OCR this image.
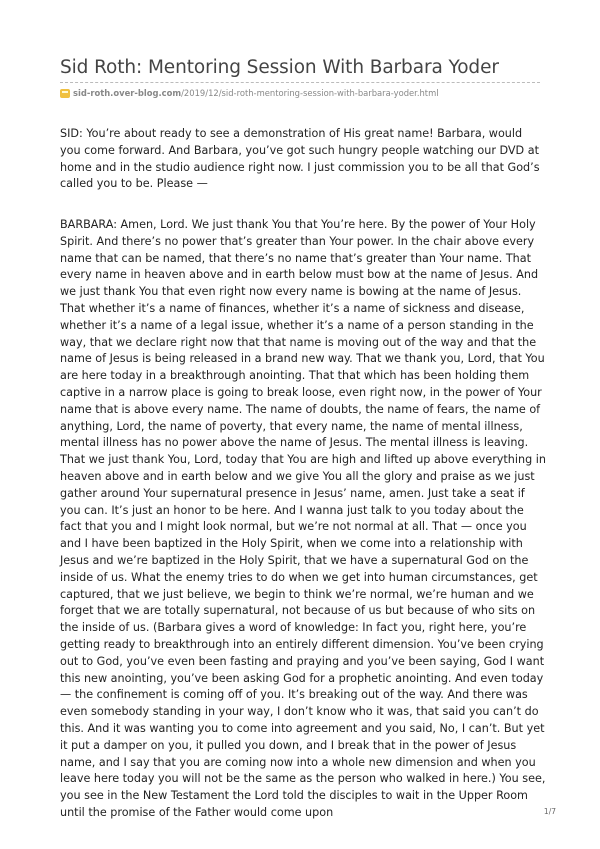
Sid Roth: Mentoring Session With Barbara Yoder
sid-roth.over-blog.com /2019/12/sid-roth-mentoring-session-with-barbara-yoder.html

SID: You’re about ready to see a demonstration of His great name! Barbara, would you come forward. And Barbara, you’ve got such hungry people watching our DVD at home and in the studio audience right now. I just commission you to be all that God’s called you to be. Please —

BARBARA: Amen, Lord. We just thank You that You’re here. By the power of Your Holy Spirit. And there’s no power that’s greater than Your power. In the chair above every name that can be named, that there’s no name that’s greater than Your name. That every name in heaven above and in earth below must bow at the name of Jesus. And we just thank You that even right now every name is bowing at the name of Jesus. That whether it’s a name of finances, whether it’s a name of sickness and disease, whether it’s a name of a legal issue, whether it’s a name of a person standing in the way, that we declare right now that that name is moving out of the way and that the name of Jesus is being released in a brand new way. That we thank you, Lord, that You are here today in a breakthrough anointing. That that which has been holding them captive in a narrow place is going to break loose, even right now, in the power of Your name that is above every name. The name of doubts, the name of fears, the name of anything, Lord, the name of poverty, that every name, the name of mental illness, mental illness has no power above the name of Jesus. The mental illness is leaving. That we just thank You, Lord, today that You are high and lifted up above everything in heaven above and in earth below and we give You all the glory and praise as we just gather around Your supernatural presence in Jesus’ name, amen. Just take a seat if you can. It’s just an honor to be here. And I wanna just talk to you today about the fact that you and I might look normal, but we’re not normal at all. That — once you and I have been baptized in the Holy Spirit, when we come into a relationship with Jesus and we’re baptized in the Holy Spirit, that we have a supernatural God on the inside of us. What the enemy tries to do when we get into human circumstances, get captured, that we just believe, we begin to think we’re normal, we’re human and we forget that we are totally supernatural, not because of us but because of who sits on the inside of us. (Barbara gives a word of knowledge: In fact you, right here, you’re getting ready to breakthrough into an entirely different dimension. You’ve been crying out to God, you’ve even been fasting and praying and you’ve been saying, God I want this new anointing, you’ve been asking God for a prophetic anointing. And even today — the confinement is coming off of you. It’s breaking out of the way. And there was even somebody standing in your way, I don’t know who it was, that said you can’t do this. And it was wanting you to come into agreement and you said, No, I can’t. But yet it put a damper on you, it pulled you down, and I break that in the power of Jesus name, and I say that you are coming now into a whole new dimension and when you leave here today you will not be the same as the person who walked in here.) You see, you see in the New Testament the Lord told the disciples to wait in the Upper Room until the promise of the Father would come upon	1/7
